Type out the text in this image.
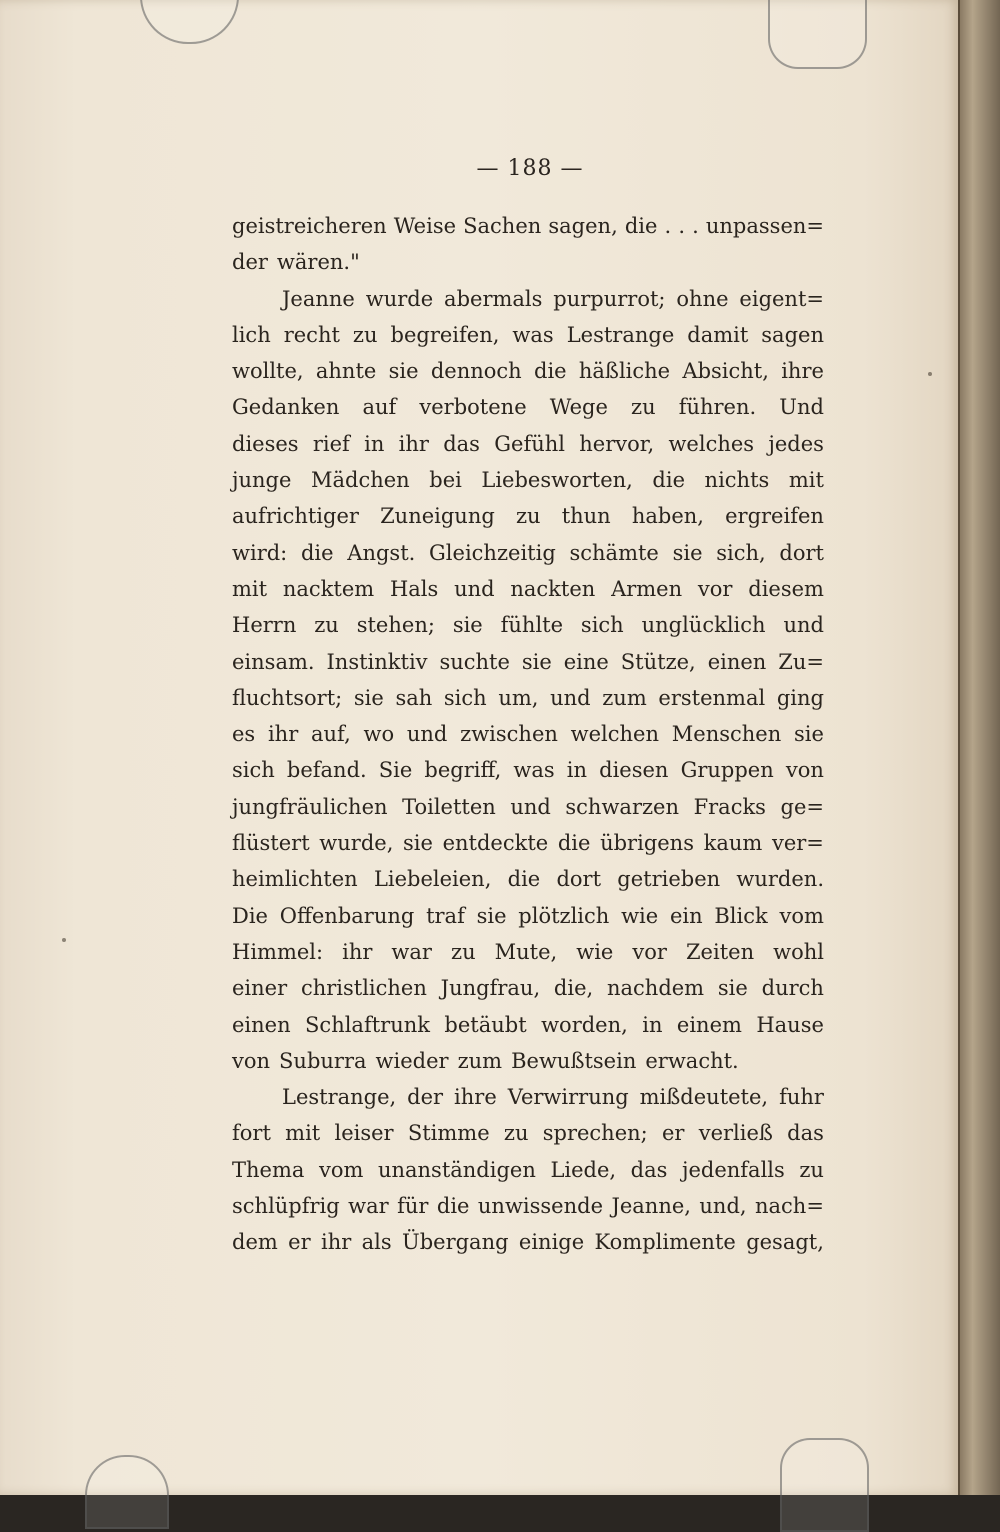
— 188 —
geistreicheren Weise Sachen sagen, die . . . unpassen=
der wären."
Jeanne wurde abermals purpurrot; ohne eigent=
lich recht zu begreifen, was Lestrange damit sagen
wollte, ahnte sie dennoch die häßliche Absicht, ihre
Gedanken auf verbotene Wege zu führen. Und
dieses rief in ihr das Gefühl hervor, welches jedes
junge Mädchen bei Liebesworten, die nichts mit
aufrichtiger Zuneigung zu thun haben, ergreifen
wird: die Angst. Gleichzeitig schämte sie sich, dort
mit nacktem Hals und nackten Armen vor diesem
Herrn zu stehen; sie fühlte sich unglücklich und
einsam. Instinktiv suchte sie eine Stütze, einen Zu=
fluchtsort; sie sah sich um, und zum erstenmal ging
es ihr auf, wo und zwischen welchen Menschen sie
sich befand. Sie begriff, was in diesen Gruppen von
jungfräulichen Toiletten und schwarzen Fracks ge=
flüstert wurde, sie entdeckte die übrigens kaum ver=
heimlichten Liebeleien, die dort getrieben wurden.
Die Offenbarung traf sie plötzlich wie ein Blick vom
Himmel: ihr war zu Mute, wie vor Zeiten wohl
einer christlichen Jungfrau, die, nachdem sie durch
einen Schlaftrunk betäubt worden, in einem Hause
von Suburra wieder zum Bewußtsein erwacht.
Lestrange, der ihre Verwirrung mißdeutete, fuhr
fort mit leiser Stimme zu sprechen; er verließ das
Thema vom unanständigen Liede, das jedenfalls zu
schlüpfrig war für die unwissende Jeanne, und, nach=
dem er ihr als Übergang einige Komplimente gesagt,
